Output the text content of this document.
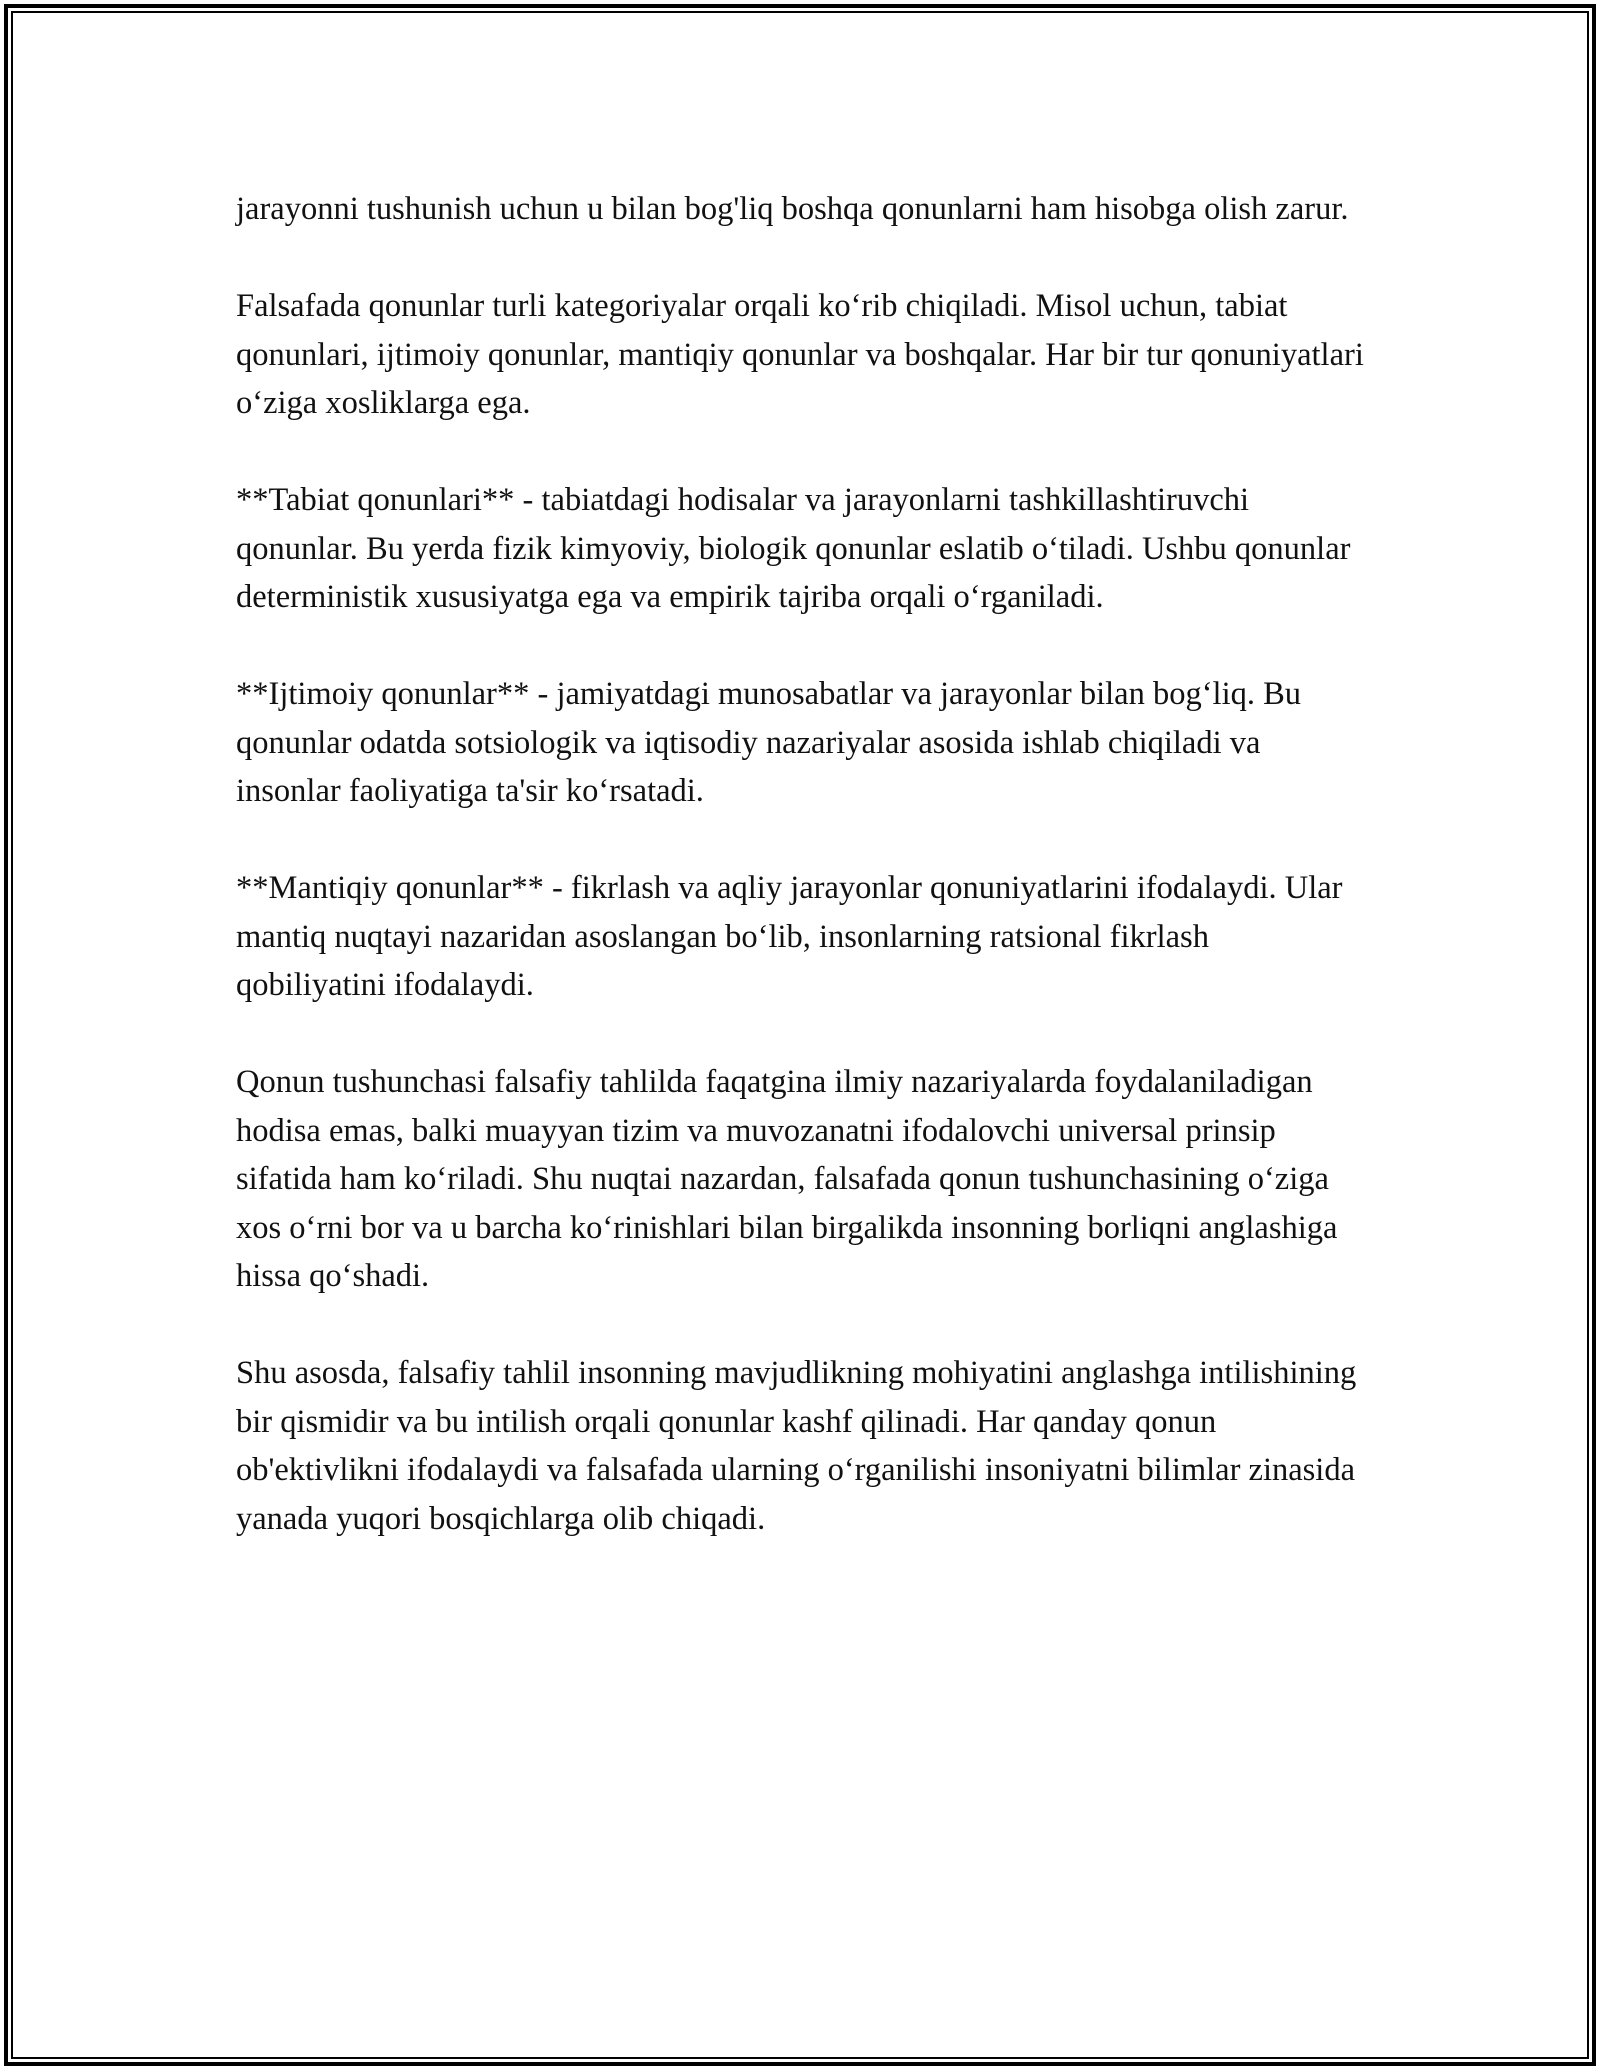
jarayonni tushunish uchun u bilan bog'liq boshqa qonunlarni ham hisobga olish zarur.

Falsafada qonunlar turli kategoriyalar orqali ko‘rib chiqiladi. Misol uchun, tabiat qonunlari, ijtimoiy qonunlar, mantiqiy qonunlar va boshqalar. Har bir tur qonuniyatlari o‘ziga xosliklarga ega.

**Tabiat qonunlari** - tabiatdagi hodisalar va jarayonlarni tashkillashtiruvchi qonunlar. Bu yerda fizik kimyoviy, biologik qonunlar eslatib o‘tiladi. Ushbu qonunlar deterministik xususiyatga ega va empirik tajriba orqali o‘rganiladi.

**Ijtimoiy qonunlar** - jamiyatdagi munosabatlar va jarayonlar bilan bog‘liq. Bu qonunlar odatda sotsiologik va iqtisodiy nazariyalar asosida ishlab chiqiladi va insonlar faoliyatiga ta'sir ko‘rsatadi.

**Mantiqiy qonunlar** - fikrlash va aqliy jarayonlar qonuniyatlarini ifodalaydi. Ular mantiq nuqtayi nazaridan asoslangan bo‘lib, insonlarning ratsional fikrlash qobiliyatini ifodalaydi.

Qonun tushunchasi falsafiy tahlilda faqatgina ilmiy nazariyalarda foydalaniladigan hodisa emas, balki muayyan tizim va muvozanatni ifodalovchi universal prinsip sifatida ham ko‘riladi. Shu nuqtai nazardan, falsafada qonun tushunchasining o‘ziga xos o‘rni bor va u barcha ko‘rinishlari bilan birgalikda insonning borliqni anglashiga hissa qo‘shadi.

Shu asosda, falsafiy tahlil insonning mavjudlikning mohiyatini anglashga intilishining bir qismidir va bu intilish orqali qonunlar kashf qilinadi. Har qanday qonun ob'ektivlikni ifodalaydi va falsafada ularning o‘rganilishi insoniyatni bilimlar zinasida yanada yuqori bosqichlarga olib chiqadi.
